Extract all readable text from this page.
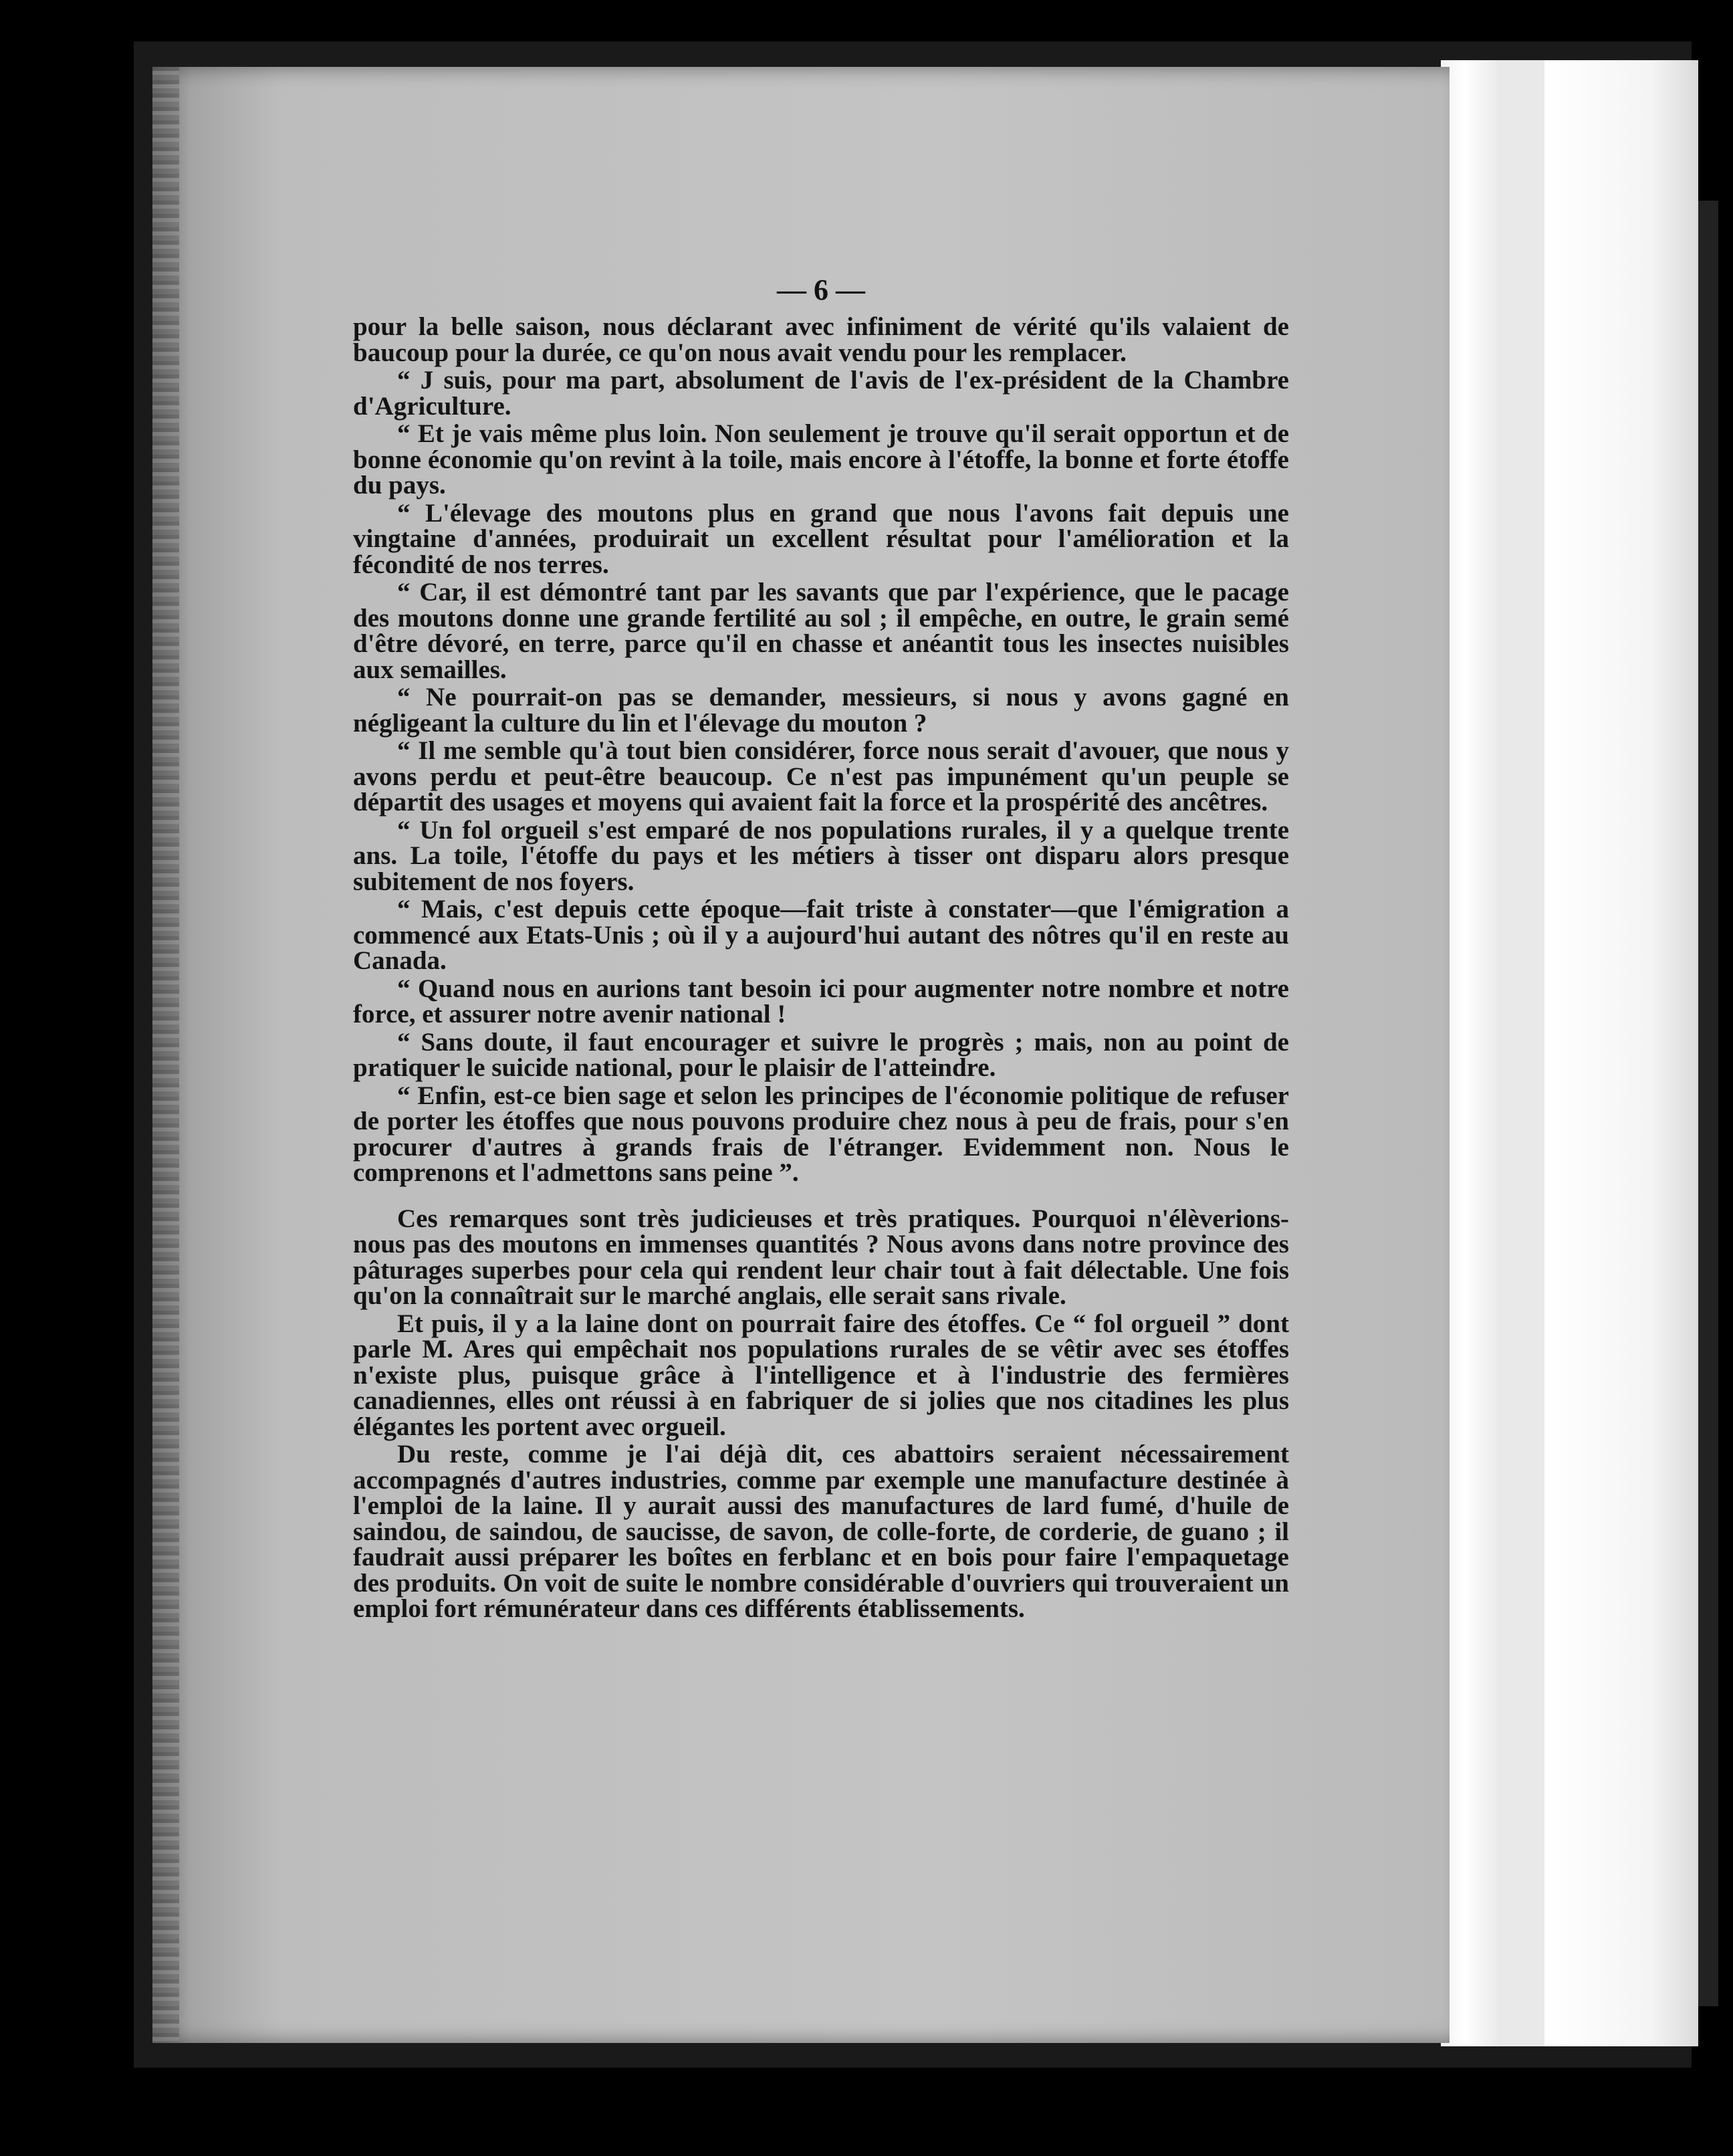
— 6 —

pour la belle saison, nous déclarant avec infiniment de vérité qu'ils valaient de baucoup pour la durée, ce qu'on nous avait vendu pour les remplacer.

“ J suis, pour ma part, absolument de l'avis de l'ex-président de la Chambre d'Agriculture.

“ Et je vais même plus loin. Non seulement je trouve qu'il serait opportun et de bonne économie qu'on revint à la toile, mais encore à l'étoffe, la bonne et forte étoffe du pays.

“ L'élevage des moutons plus en grand que nous l'avons fait depuis une vingtaine d'années, produirait un excellent résultat pour l'amélioration et la fécondité de nos terres.

“ Car, il est démontré tant par les savants que par l'expérience, que le pacage des moutons donne une grande fertilité au sol ; il empêche, en outre, le grain semé d'être dévoré, en terre, parce qu'il en chasse et anéantit tous les insectes nuisibles aux semailles.

“ Ne pourrait-on pas se demander, messieurs, si nous y avons gagné en négligeant la culture du lin et l'élevage du mouton ?

“ Il me semble qu'à tout bien considérer, force nous serait d'avouer, que nous y avons perdu et peut-être beaucoup. Ce n'est pas impunément qu'un peuple se départit des usages et moyens qui avaient fait la force et la prospérité des ancêtres.

“ Un fol orgueil s'est emparé de nos populations rurales, il y a quelque trente ans. La toile, l'étoffe du pays et les métiers à tisser ont disparu alors presque subitement de nos foyers.

“ Mais, c'est depuis cette époque—fait triste à constater—que l'émigration a commencé aux Etats-Unis ; où il y a aujourd'hui autant des nôtres qu'il en reste au Canada.

“ Quand nous en aurions tant besoin ici pour augmenter notre nombre et notre force, et assurer notre avenir national !

“ Sans doute, il faut encourager et suivre le progrès ; mais, non au point de pratiquer le suicide national, pour le plaisir de l'atteindre.

“ Enfin, est-ce bien sage et selon les principes de l'économie politique de refuser de porter les étoffes que nous pouvons produire chez nous à peu de frais, pour s'en procurer d'autres à grands frais de l'étranger. Evidemment non. Nous le comprenons et l'admettons sans peine ”.

Ces remarques sont très judicieuses et très pratiques. Pourquoi n'élèverions-nous pas des moutons en immenses quantités ? Nous avons dans notre province des pâturages superbes pour cela qui rendent leur chair tout à fait délectable. Une fois qu'on la connaîtrait sur le marché anglais, elle serait sans rivale.

Et puis, il y a la laine dont on pourrait faire des étoffes. Ce “ fol orgueil ” dont parle M. Ares qui empêchait nos populations rurales de se vêtir avec ses étoffes n'existe plus, puisque grâce à l'intelligence et à l'industrie des fermières canadiennes, elles ont réussi à en fabriquer de si jolies que nos citadines les plus élégantes les portent avec orgueil.

Du reste, comme je l'ai déjà dit, ces abattoirs seraient nécessairement accompagnés d'autres industries, comme par exemple une manufacture destinée à l'emploi de la laine. Il y aurait aussi des manufactures de lard fumé, d'huile de saindou, de saindou, de saucisse, de savon, de colle-forte, de corderie, de guano ; il faudrait aussi préparer les boîtes en ferblanc et en bois pour faire l'empaquetage des produits. On voit de suite le nombre considérable d'ouvriers qui trouveraient un emploi fort rémunérateur dans ces différents établissements.
